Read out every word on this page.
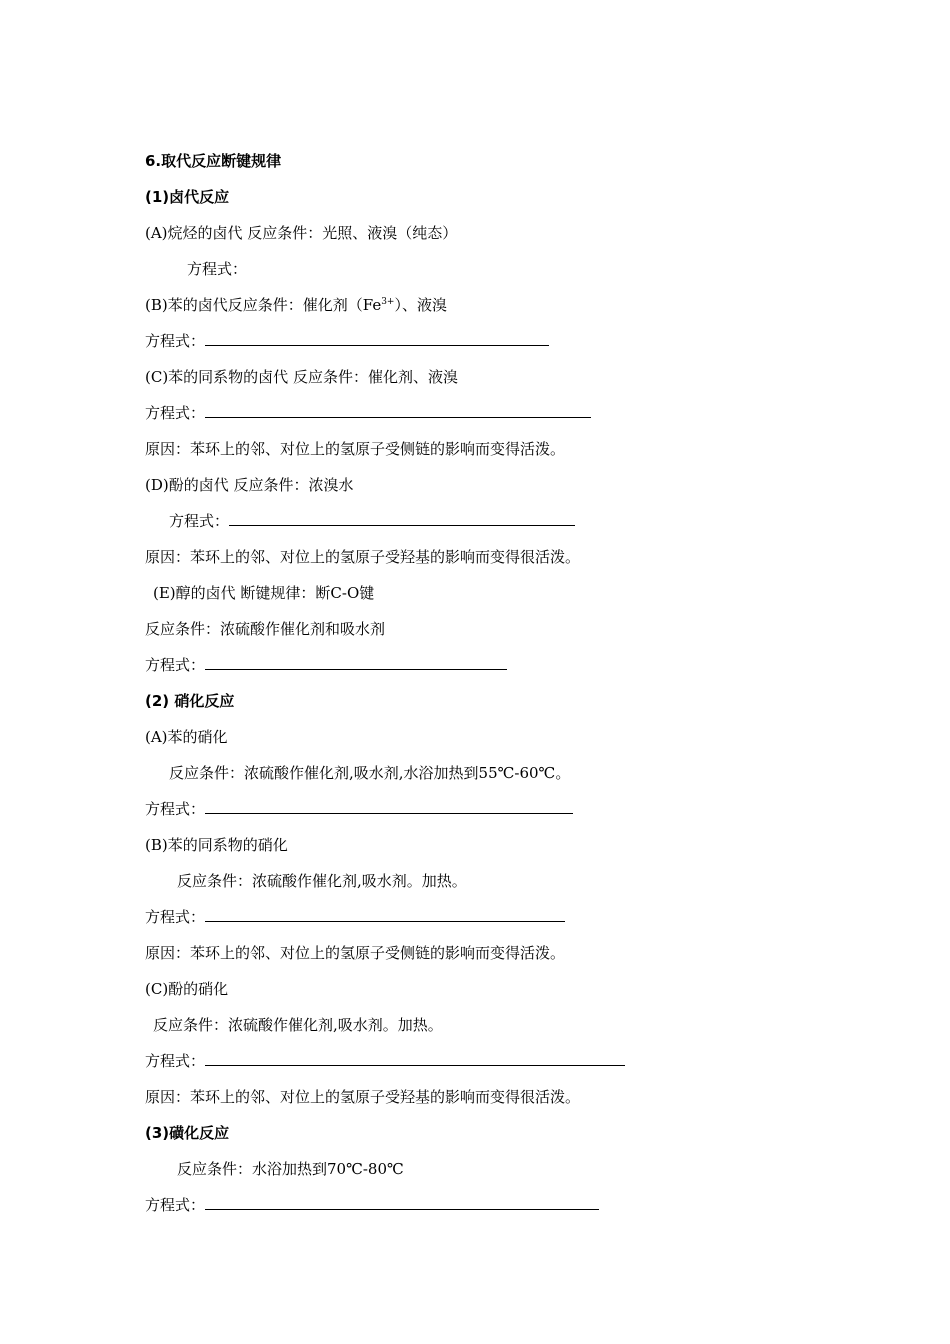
6.取代反应断键规律
(1)卤代反应
(A)烷烃的卤代 反应条件：光照、液溴（纯态）
方程式：
(B)苯的卤代反应条件：催化剂$(Fe^{3+})$、液溴
方程式：
(C)苯的同系物的卤代 反应条件：催化剂、液溴
方程式：
原因：苯环上的邻、对位上的氢原子受侧链的影响而变得活泼。
(D)酚的卤代 反应条件：浓溴水
方程式：
原因：苯环上的邻、对位上的氢原子受羟基的影响而变得很活泼。
(E)醇的卤代 断键规律：断C-O键
反应条件：浓硫酸作催化剂和吸水剂
方程式：
(2) 硝化反应
(A)苯的硝化
反应条件：浓硫酸作催化剂,吸水剂,水浴加热到55℃-60℃。
方程式：
(B)苯的同系物的硝化
反应条件：浓硫酸作催化剂,吸水剂。加热。
方程式：
原因：苯环上的邻、对位上的氢原子受侧链的影响而变得活泼。
(C)酚的硝化
反应条件：浓硫酸作催化剂,吸水剂。加热。
方程式：
原因：苯环上的邻、对位上的氢原子受羟基的影响而变得很活泼。
(3)磺化反应
反应条件：水浴加热到70℃-80℃
方程式：
